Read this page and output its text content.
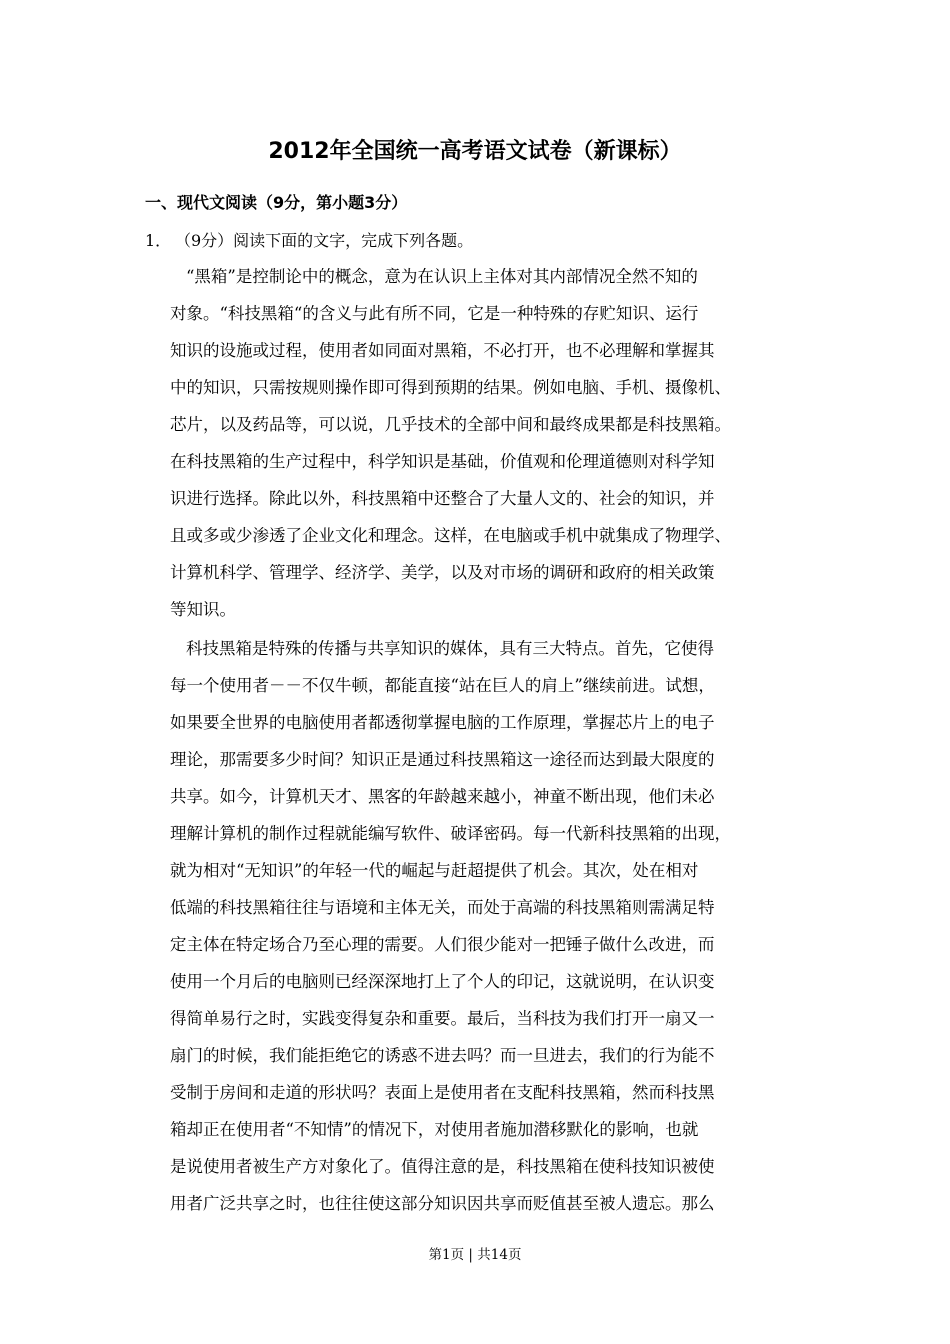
2012年全国统一高考语文试卷（新课标）
一、现代文阅读（9分，第小题3分）
1． （9分）阅读下面的文字，完成下列各题。
“黑箱”是控制论中的概念，意为在认识上主体对其内部情况全然不知的
对象。“科技黑箱“的含义与此有所不同，它是一种特殊的存贮知识、运行
知识的设施或过程，使用者如同面对黑箱，不必打开，也不必理解和掌握其
中的知识，只需按规则操作即可得到预期的结果。例如电脑、手机、摄像机、
芯片，以及药品等，可以说，几乎技术的全部中间和最终成果都是科技黑箱。
在科技黑箱的生产过程中，科学知识是基础，价值观和伦理道德则对科学知
识进行选择。除此以外，科技黑箱中还整合了大量人文的、社会的知识，并
且或多或少渗透了企业文化和理念。这样，在电脑或手机中就集成了物理学、
计算机科学、管理学、经济学、美学，以及对市场的调研和政府的相关政策
等知识。
科技黑箱是特殊的传播与共享知识的媒体，具有三大特点。首先，它使得
每一个使用者－－不仅牛顿，都能直接“站在巨人的肩上”继续前进。试想，
如果要全世界的电脑使用者都透彻掌握电脑的工作原理，掌握芯片上的电子
理论，那需要多少时间？知识正是通过科技黑箱这一途径而达到最大限度的
共享。如今，计算机天才、黑客的年龄越来越小，神童不断出现，他们未必
理解计算机的制作过程就能编写软件、破译密码。每一代新科技黑箱的出现，
就为相对“无知识”的年轻一代的崛起与赶超提供了机会。其次，处在相对
低端的科技黑箱往往与语境和主体无关，而处于高端的科技黑箱则需满足特
定主体在特定场合乃至心理的需要。人们很少能对一把锤子做什么改进，而
使用一个月后的电脑则已经深深地打上了个人的印记，这就说明，在认识变
得简单易行之时，实践变得复杂和重要。最后，当科技为我们打开一扇又一
扇门的时候，我们能拒绝它的诱惑不进去吗？而一旦进去，我们的行为能不
受制于房间和走道的形状吗？表面上是使用者在支配科技黑箱，然而科技黑
箱却正在使用者“不知情”的情况下，对使用者施加潜移默化的影响，也就
是说使用者被生产方对象化了。值得注意的是，科技黑箱在使科技知识被使
用者广泛共享之时，也往往使这部分知识因共享而贬值甚至被人遗忘。那么
第1页 | 共14页
